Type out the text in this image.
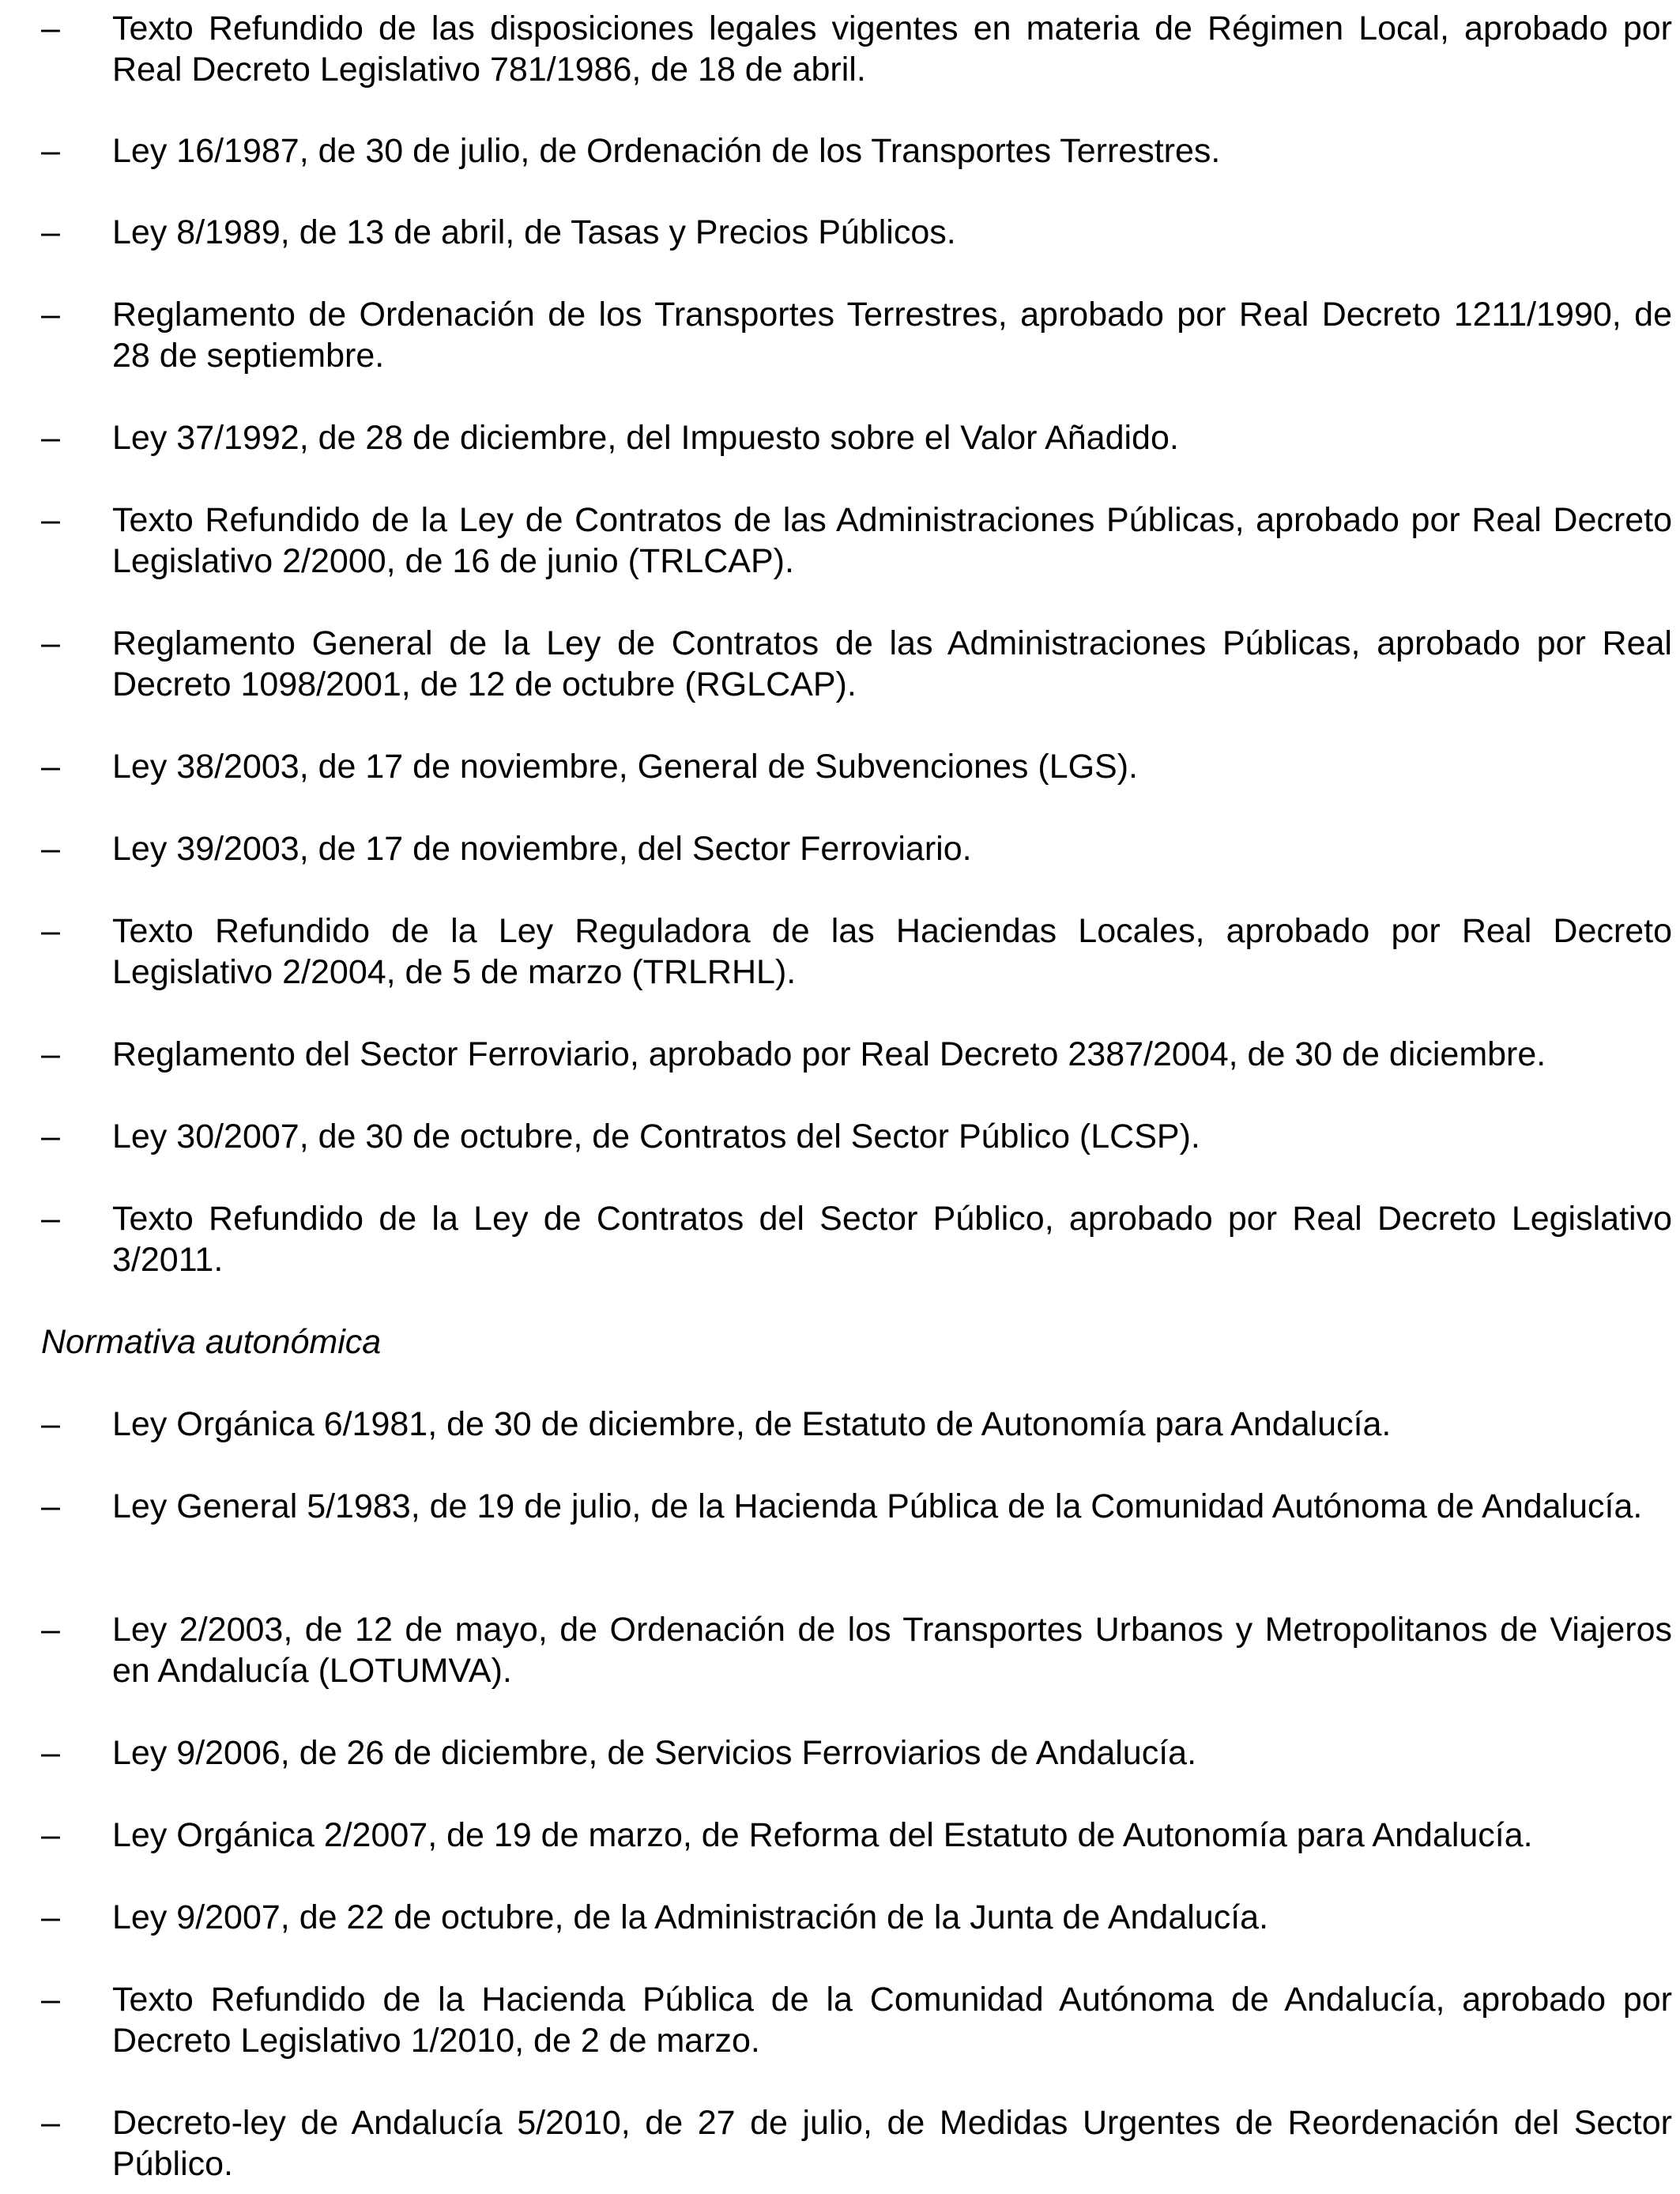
– Texto Refundido de las disposiciones legales vigentes en materia de Régimen Local, aprobado por Real Decreto Legislativo 781/1986, de 18 de abril.
– Ley 16/1987, de 30 de julio, de Ordenación de los Transportes Terrestres.
– Ley 8/1989, de 13 de abril, de Tasas y Precios Públicos.
– Reglamento de Ordenación de los Transportes Terrestres, aprobado por Real Decreto 1211/1990, de 28 de septiembre.
– Ley 37/1992, de 28 de diciembre, del Impuesto sobre el Valor Añadido.
– Texto Refundido de la Ley de Contratos de las Administraciones Públicas, aprobado por Real Decreto Legislativo 2/2000, de 16 de junio (TRLCAP).
– Reglamento General de la Ley de Contratos de las Administraciones Públicas, aprobado por Real Decreto 1098/2001, de 12 de octubre (RGLCAP).
– Ley 38/2003, de 17 de noviembre, General de Subvenciones (LGS).
– Ley 39/2003, de 17 de noviembre, del Sector Ferroviario.
– Texto Refundido de la Ley Reguladora de las Haciendas Locales, aprobado por Real Decreto Legislativo 2/2004, de 5 de marzo (TRLRHL).
– Reglamento del Sector Ferroviario, aprobado por Real Decreto 2387/2004, de 30 de diciembre.
– Ley 30/2007, de 30 de octubre, de Contratos del Sector Público (LCSP).
– Texto Refundido de la Ley de Contratos del Sector Público, aprobado por Real Decreto Legislativo 3/2011.
Normativa autonómica
– Ley Orgánica 6/1981, de 30 de diciembre, de Estatuto de Autonomía para Andalucía.
– Ley General 5/1983, de 19 de julio, de la Hacienda Pública de la Comunidad Autónoma de Andalucía.
– Ley 2/2003, de 12 de mayo, de Ordenación de los Transportes Urbanos y Metropolitanos de Viajeros en Andalucía (LOTUMVA).
– Ley 9/2006, de 26 de diciembre, de Servicios Ferroviarios de Andalucía.
– Ley Orgánica 2/2007, de 19 de marzo, de Reforma del Estatuto de Autonomía para Andalucía.
– Ley 9/2007, de 22 de octubre, de la Administración de la Junta de Andalucía.
– Texto Refundido de la Hacienda Pública de la Comunidad Autónoma de Andalucía, aprobado por Decreto Legislativo 1/2010, de 2 de marzo.
– Decreto-ley de Andalucía 5/2010, de 27 de julio, de Medidas Urgentes de Reordenación del Sector Público.
